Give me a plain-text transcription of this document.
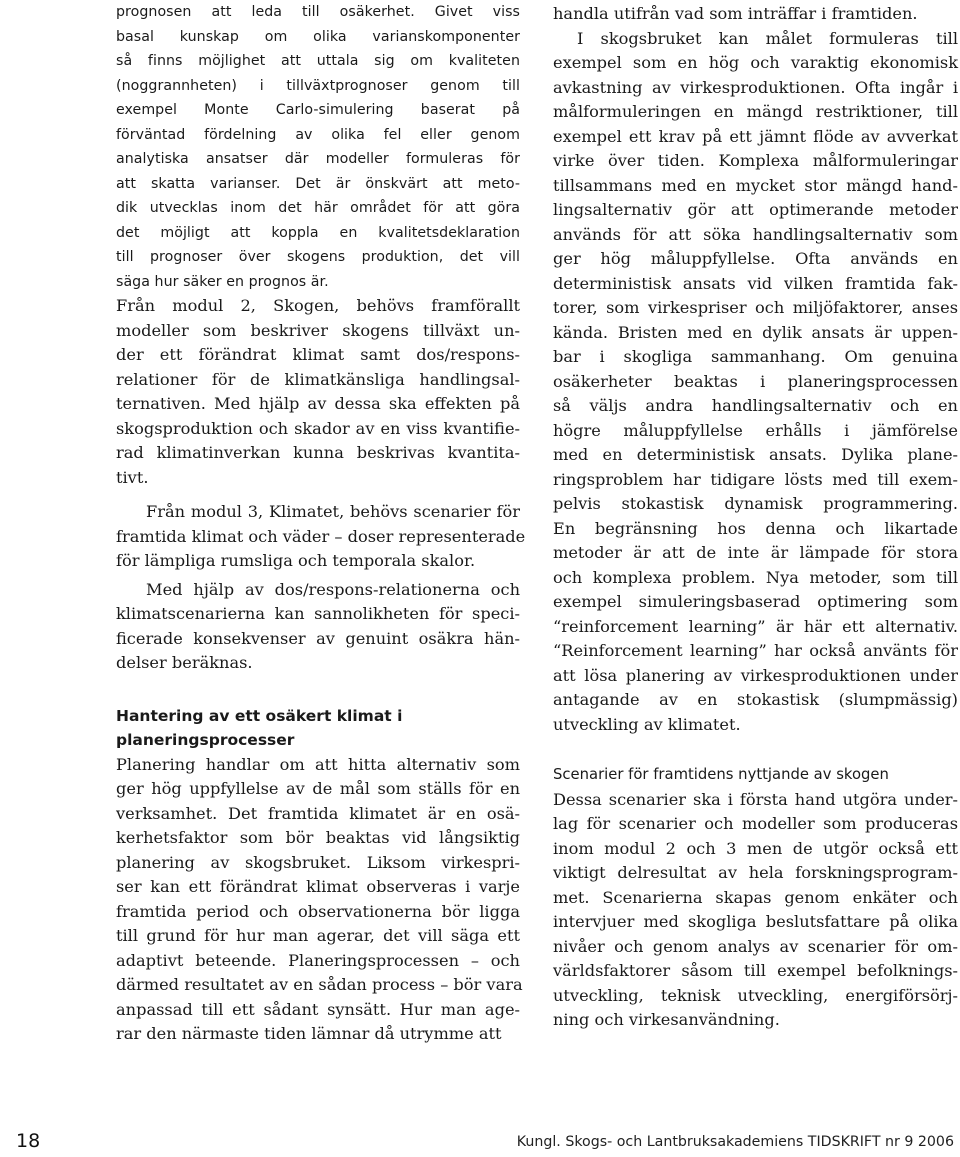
prognosen att leda till osäkerhet. Givet viss
basal kunskap om olika varianskomponenter
så finns möjlighet att uttala sig om kvaliteten
(noggrannheten) i tillväxtprognoser genom till
exempel Monte Carlo-simulering baserat på
förväntad fördelning av olika fel eller genom
analytiska ansatser där modeller formuleras för
att skatta varianser. Det är önskvärt att meto-
dik utvecklas inom det här området för att göra
det möjligt att koppla en kvalitetsdeklaration
till prognoser över skogens produktion, det vill
säga hur säker en prognos är.
Från modul 2, Skogen, behövs framförallt
modeller som beskriver skogens tillväxt un-
der ett förändrat klimat samt dos/respons-
relationer för de klimatkänsliga handlingsal-
ternativen. Med hjälp av dessa ska effekten på
skogsproduktion och skador av en viss kvantifie-
rad klimatinverkan kunna beskrivas kvantita-
tivt.
Från modul 3, Klimatet, behövs scenarier för
framtida klimat och väder – doser representerade
för lämpliga rumsliga och temporala skalor.
Med hjälp av dos/respons-relationerna och
klimatscenarierna kan sannolikheten för speci-
ficerade konsekvenser av genuint osäkra hän-
delser beräknas.
Hantering av ett osäkert klimat i
planeringsprocesser
Planering handlar om att hitta alternativ som
ger hög uppfyllelse av de mål som ställs för en
verksamhet. Det framtida klimatet är en osä-
kerhetsfaktor som bör beaktas vid långsiktig
planering av skogsbruket. Liksom virkespri-
ser kan ett förändrat klimat observeras i varje
framtida period och observationerna bör ligga
till grund för hur man agerar, det vill säga ett
adaptivt beteende. Planeringsprocessen – och
därmed resultatet av en sådan process – bör vara
anpassad till ett sådant synsätt. Hur man age-
rar den närmaste tiden lämnar då utrymme att
handla utifrån vad som inträffar i framtiden.
I skogsbruket kan målet formuleras till
exempel som en hög och varaktig ekonomisk
avkastning av virkesproduktionen. Ofta ingår i
målformuleringen en mängd restriktioner, till
exempel ett krav på ett jämnt flöde av avverkat
virke över tiden. Komplexa målformuleringar
tillsammans med en mycket stor mängd hand-
lingsalternativ gör att optimerande metoder
används för att söka handlingsalternativ som
ger hög måluppfyllelse. Ofta används en
deterministisk ansats vid vilken framtida fak-
torer, som virkespriser och miljöfaktorer, anses
kända. Bristen med en dylik ansats är uppen-
bar i skogliga sammanhang. Om genuina
osäkerheter beaktas i planeringsprocessen
så väljs andra handlingsalternativ och en
högre måluppfyllelse erhålls i jämförelse
med en deterministisk ansats. Dylika plane-
ringsproblem har tidigare lösts med till exem-
pelvis stokastisk dynamisk programmering.
En begränsning hos denna och likartade
metoder är att de inte är lämpade för stora
och komplexa problem. Nya metoder, som till
exempel simuleringsbaserad optimering som
“reinforcement learning” är här ett alternativ.
“Reinforcement learning” har också använts för
att lösa planering av virkesproduktionen under
antagande av en stokastisk (slumpmässig)
utveckling av klimatet.
Scenarier för framtidens nyttjande av skogen
Dessa scenarier ska i första hand utgöra under-
lag för scenarier och modeller som produceras
inom modul 2 och 3 men de utgör också ett
viktigt delresultat av hela forskningsprogram-
met. Scenarierna skapas genom enkäter och
intervjuer med skogliga beslutsfattare på olika
nivåer och genom analys av scenarier för om-
världsfaktorer såsom till exempel befolknings-
utveckling, teknisk utveckling, energiförsörj-
ning och virkesanvändning.
18	Kungl. Skogs- och Lantbruksakademiens TIDSKRIFT nr 9 2006
